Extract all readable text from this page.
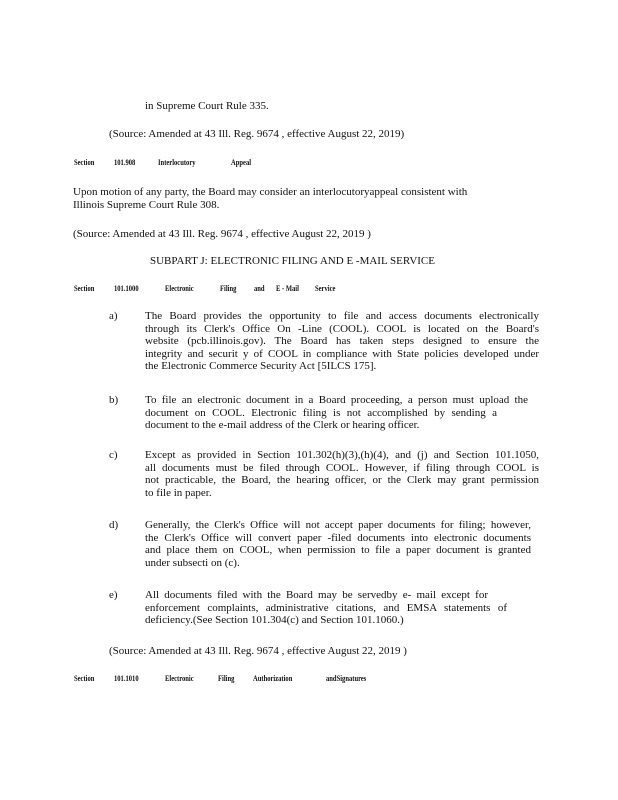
in Supreme Court Rule 335.
(Source: Amended at 43 Ill. Reg. 9674 , effective August 22, 2019)
Section 101.908	Interlocutory	Appeal
Upon motion of any party, the Board may consider an interlocutoryappeal consistent with
Illinois Supreme Court Rule 308.
(Source: Amended at 43 Ill. Reg. 9674 , effective August 22, 2019 )
SUBPART J: ELECTRONIC FILING AND E -MAIL SERVICE
Section 101.1000	Electronic	Filing and E - Mail Service
a) The Board provides the opportunity to file and access documents electronically
through its Clerk's Office On -Line (COOL). COOL is located on the Board's
website (pcb.illinois.gov). The Board has taken steps designed to ensure the
integrity and securit y of COOL in compliance with State policies developed under
the Electronic Commerce Security Act [5ILCS 175].
b) To file an electronic document in a Board proceeding, a person must upload the
document on COOL. Electronic filing is not accomplished by sending a
document to the e-mail address of the Clerk or hearing officer.
c) Except as provided in Section 101.302(h)(3),(h)(4), and (j) and Section 101.1050,
all documents must be filed through COOL. However, if filing through COOL is
not practicable, the Board, the hearing officer, or the Clerk may grant permission
to file in paper.
d) Generally, the Clerk's Office will not accept paper documents for filing; however,
the Clerk's Office will convert paper -filed documents into electronic documents
and place them on COOL, when permission to file a paper document is granted
under subsecti on (c).
e) All documents filed with the Board may be servedby e- mail except for
enforcement complaints, administrative citations, and EMSA statements of
deficiency.(See Section 101.304(c) and Section 101.1060.)
(Source: Amended at 43 Ill. Reg. 9674 , effective August 22, 2019 )
Section 101.1010	Electronic	Filing Authorization	andSignatures
